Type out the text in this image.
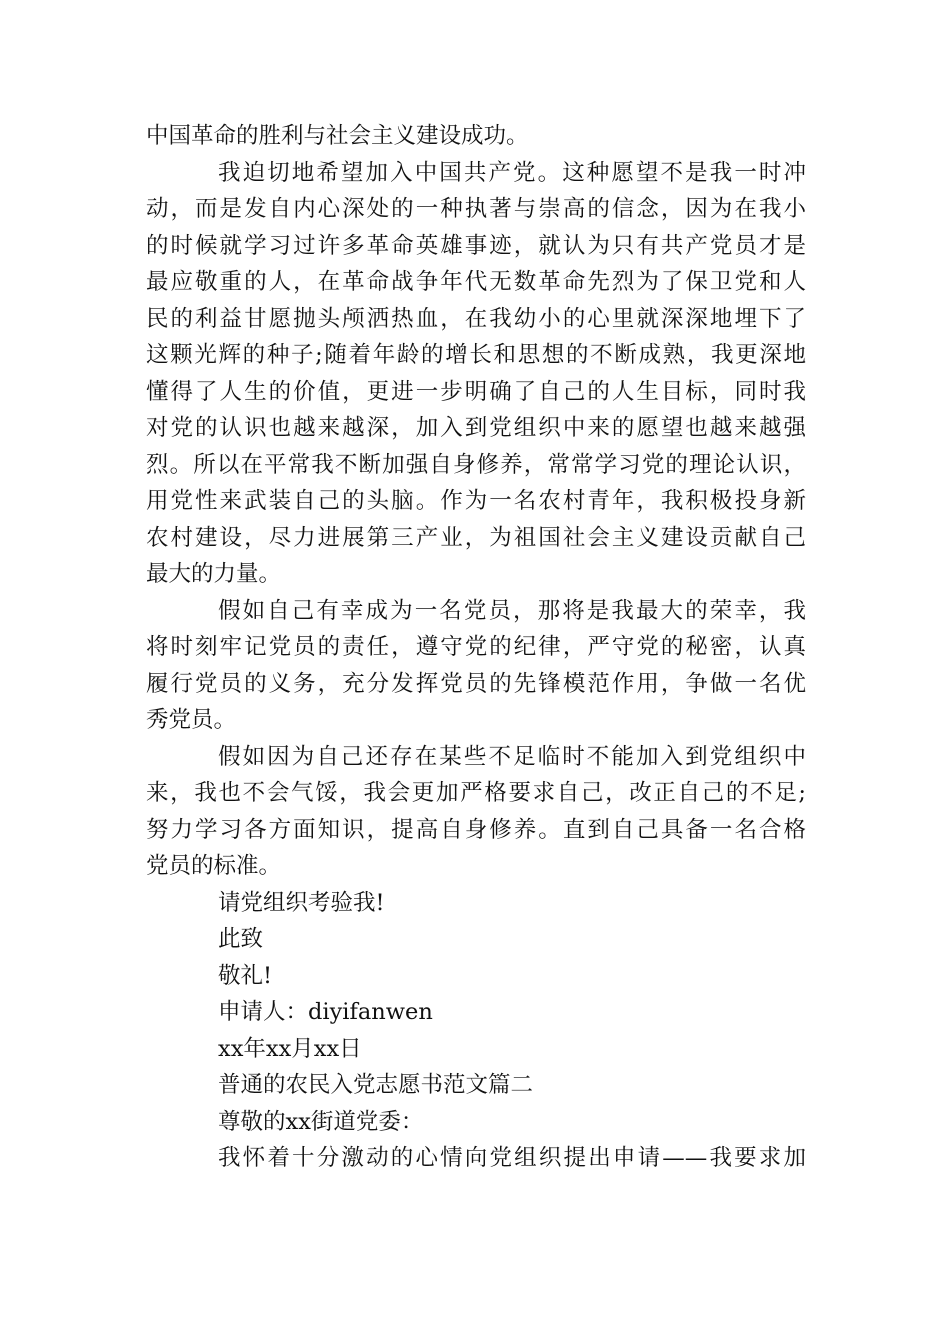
中国革命的胜利与社会主义建设成功。
我迫切地希望加入中国共产党。这种愿望不是我一时冲
动，而是发自内心深处的一种执著与崇高的信念，因为在我小
的时候就学习过许多革命英雄事迹，就认为只有共产党员才是
最应敬重的人，在革命战争年代无数革命先烈为了保卫党和人
民的利益甘愿抛头颅洒热血，在我幼小的心里就深深地埋下了
这颗光辉的种子;随着年龄的增长和思想的不断成熟，我更深地
懂得了人生的价值，更进一步明确了自己的人生目标，同时我
对党的认识也越来越深，加入到党组织中来的愿望也越来越强
烈。所以在平常我不断加强自身修养，常常学习党的理论认识，
用党性来武装自己的头脑。作为一名农村青年，我积极投身新
农村建设，尽力进展第三产业，为祖国社会主义建设贡献自己
最大的力量。
假如自己有幸成为一名党员，那将是我最大的荣幸，我
将时刻牢记党员的责任，遵守党的纪律，严守党的秘密，认真
履行党员的义务，充分发挥党员的先锋模范作用，争做一名优
秀党员。
假如因为自己还存在某些不足临时不能加入到党组织中
来，我也不会气馁，我会更加严格要求自己，改正自己的不足;
努力学习各方面知识，提高自身修养。直到自己具备一名合格
党员的标准。
请党组织考验我!
此致
敬礼!
申请人：diyifanwen
xx年xx月xx日
普通的农民入党志愿书范文篇二
尊敬的xx街道党委：
我怀着十分激动的心情向党组织提出申请——我要求加
